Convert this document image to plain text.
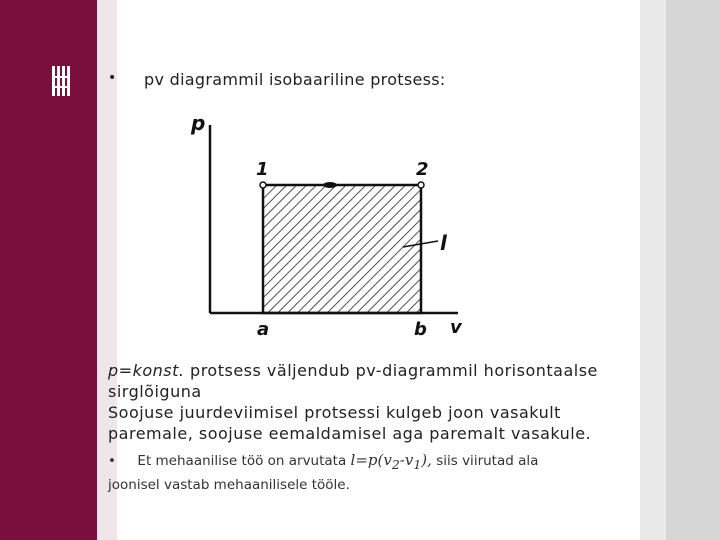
• pv diagrammil isobaariline protsess:
p
v
1	2
l
a	b
p=konst. protsess väljendub pv-diagrammil horisontaalse
sirglõiguna
Soojuse juurdeviimisel protsessi kulgeb joon vasakult
paremale, soojuse eemaldamisel aga paremalt vasakule.
•     Et mehaanilise töö on arvutata $l=p(v_2-v_1)$, siis viirutad ala
joonisel vastab mehaanilisele tööle.
